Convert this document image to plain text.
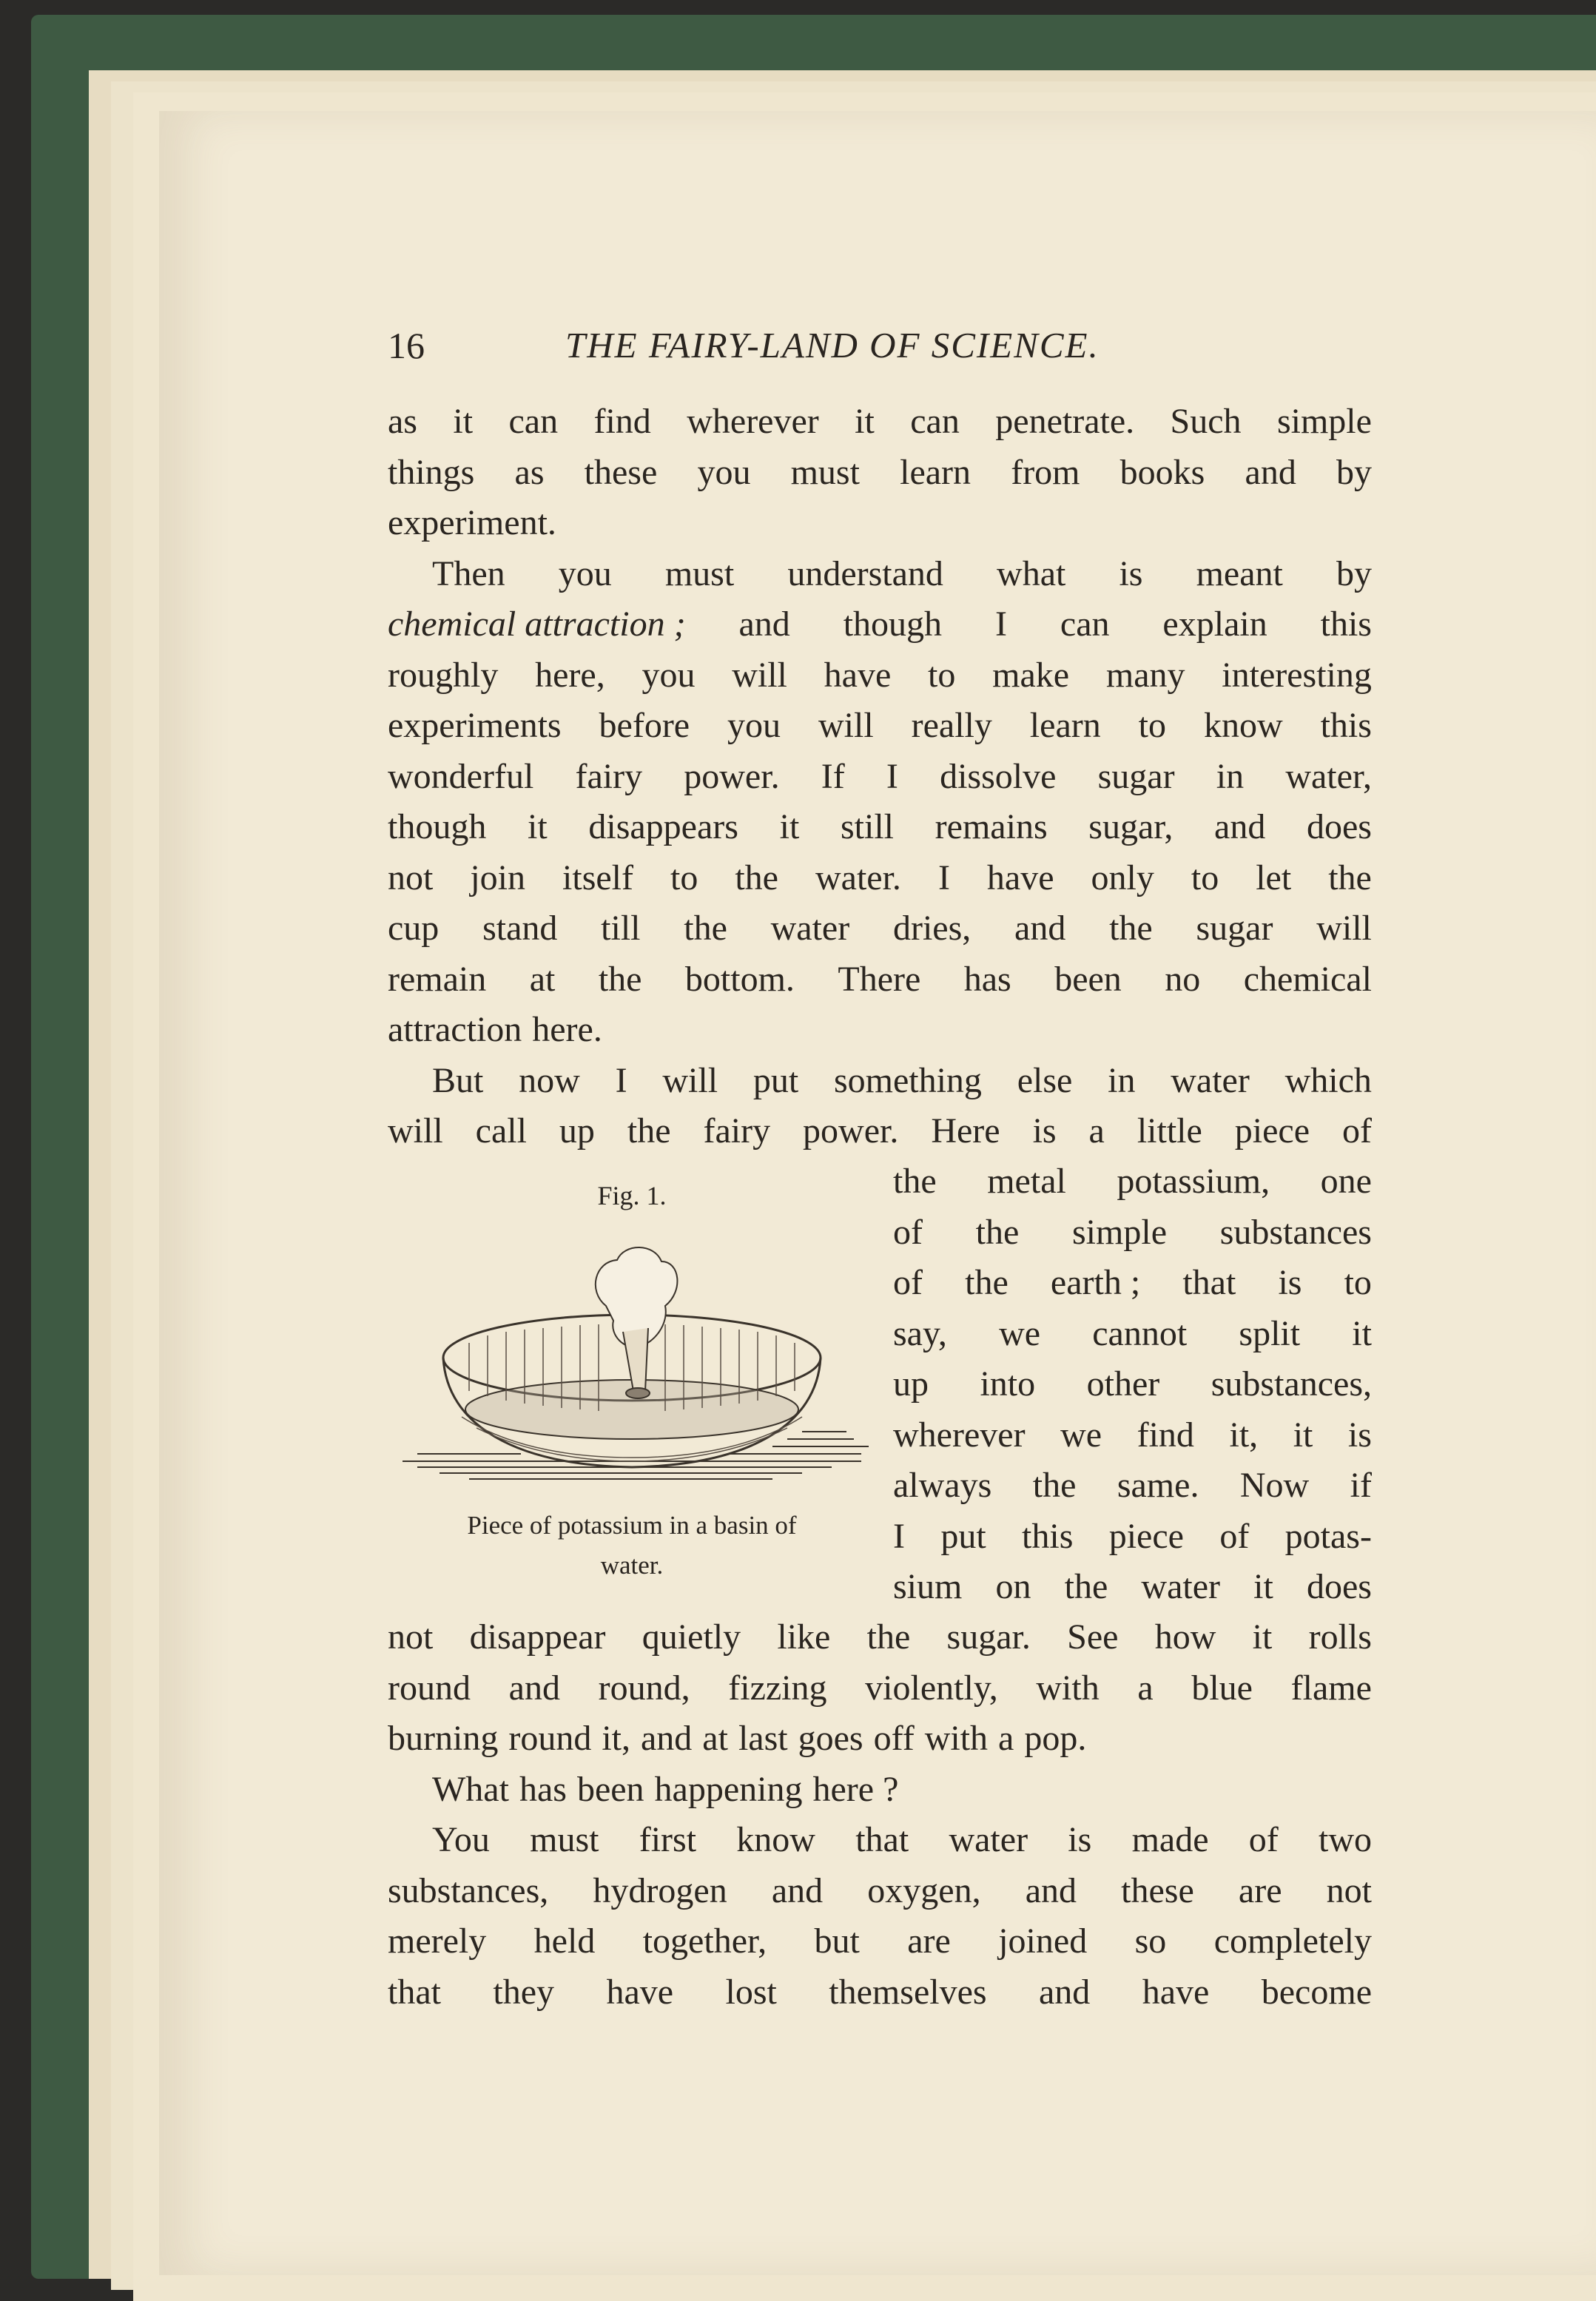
16	THE FAIRY-LAND OF SCIENCE.
as it can find wherever it can penetrate. Such simple
things as these you must learn from books and by
experiment.
Then you must understand what is meant by
chemical attraction ; and though I can explain this
roughly here, you will have to make many interesting
experiments before you will really learn to know this
wonderful fairy power. If I dissolve sugar in water,
though it disappears it still remains sugar, and does
not join itself to the water. I have only to let the
cup stand till the water dries, and the sugar will
remain at the bottom. There has been no chemical
attraction here.
But now I will put something else in water which
will call up the fairy power. Here is a little piece of
Fig. 1.
Piece of potassium in a basin of
water.
the metal potassium, one
of the simple substances
of the earth ; that is to
say, we cannot split it
up into other substances,
wherever we find it, it is
always the same. Now if
I put this piece of potas-
sium on the water it does
not disappear quietly like the sugar. See how it rolls
round and round, fizzing violently, with a blue flame
burning round it, and at last goes off with a pop.
What has been happening here ?
You must first know that water is made of two
substances, hydrogen and oxygen, and these are not
merely held together, but are joined so completely
that they have lost themselves and have become
